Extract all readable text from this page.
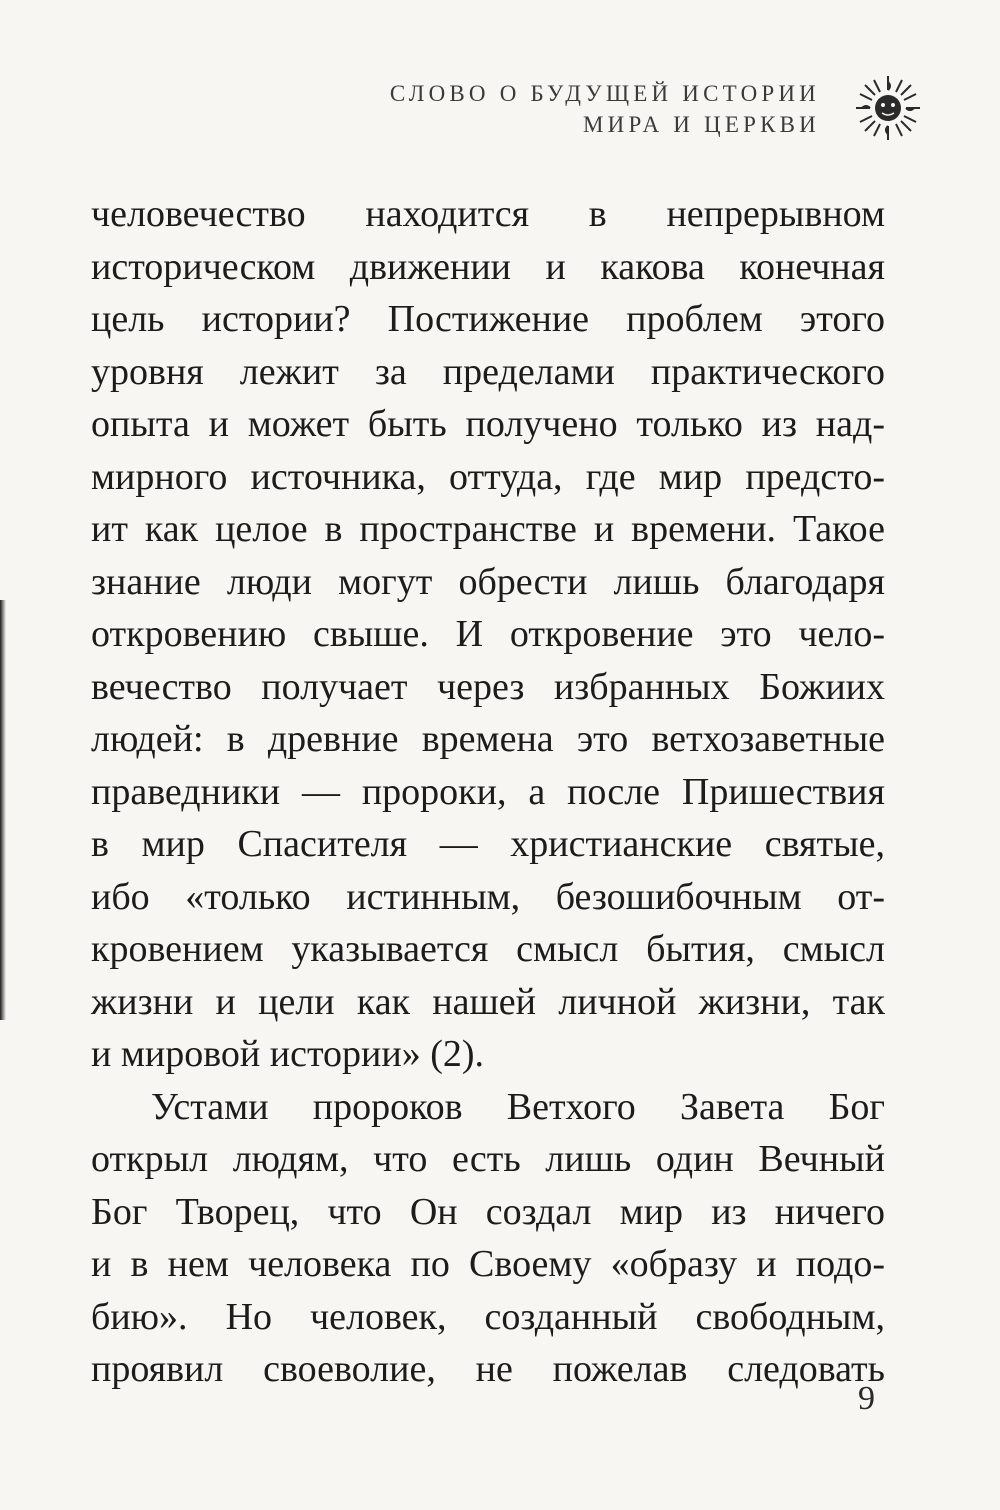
СЛОВО О БУДУЩЕЙ ИСТОРИИ
МИРА И ЦЕРКВИ
человечество находится в непрерывном
историческом движении и какова конечная
цель истории? Постижение проблем этого
уровня лежит за пределами практического
опыта и может быть получено только из над-
мирного источника, оттуда, где мир предсто-
ит как целое в пространстве и времени. Такое
знание люди могут обрести лишь благодаря
откровению свыше. И откровение это чело-
вечество получает через избранных Божиих
людей: в древние времена это ветхозаветные
праведники — пророки, а после Пришествия
в мир Спасителя — христианские святые,
ибо «только истинным, безошибочным от-
кровением указывается смысл бытия, смысл
жизни и цели как нашей личной жизни, так
и мировой истории» (2).
Устами пророков Ветхого Завета Бог
открыл людям, что есть лишь один Вечный
Бог Творец, что Он создал мир из ничего
и в нем человека по Своему «образу и подо-
бию». Но человек, созданный свободным,
проявил своеволие, не пожелав следовать
9
